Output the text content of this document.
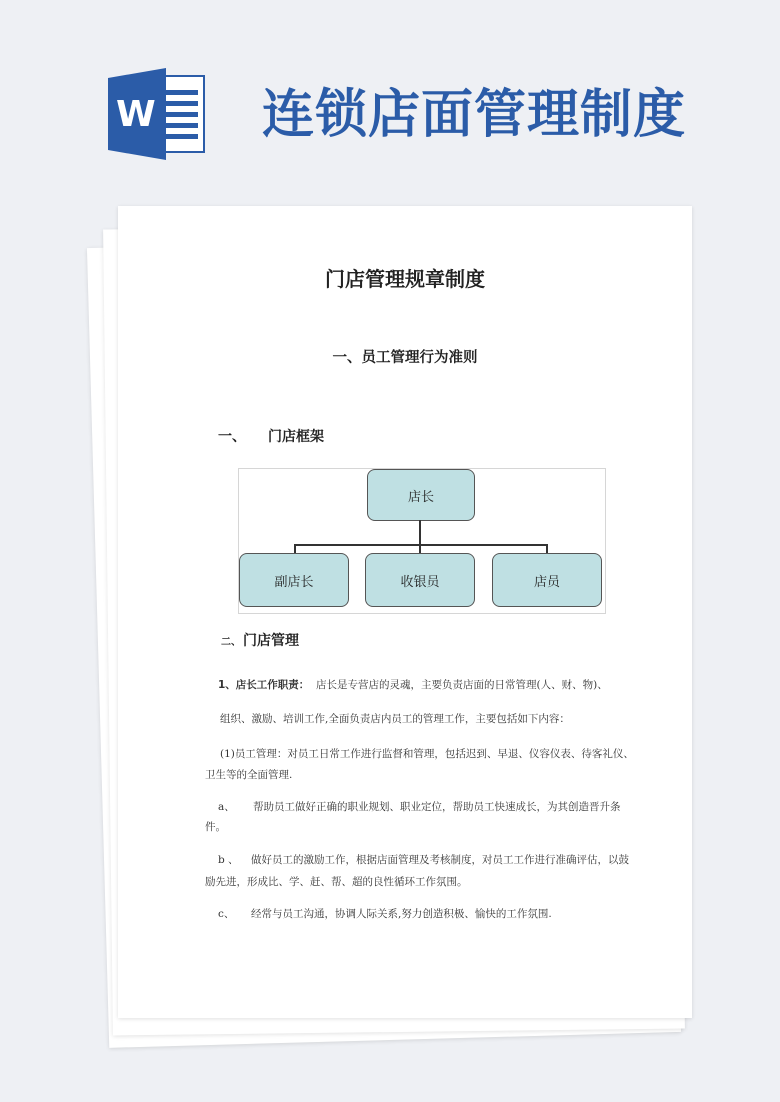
W 连锁店面管理制度
门店管理规章制度
一、员工管理行为准则
一、 门店框架
店长
副店长	收银员	店员
二、 门店管理
1、店长工作职责： 店长是专营店的灵魂，主要负责店面的日常管理(人、财、物)、
组织、激励、培训工作,全面负责店内员工的管理工作，主要包括如下内容：
(1)员工管理：对员工日常工作进行监督和管理，包括迟到、早退、仪容仪表、待客礼仪、
卫生等的全面管理.
a、 帮助员工做好正确的职业规划、职业定位，帮助员工快速成长，为其创造晋升条
件。
b 、 做好员工的激励工作，根据店面管理及考核制度，对员工工作进行准确评估，以鼓
励先进，形成比、学、赶、帮、超的良性循环工作氛围。
c、 经常与员工沟通，协调人际关系,努力创造积极、愉快的工作氛围.
